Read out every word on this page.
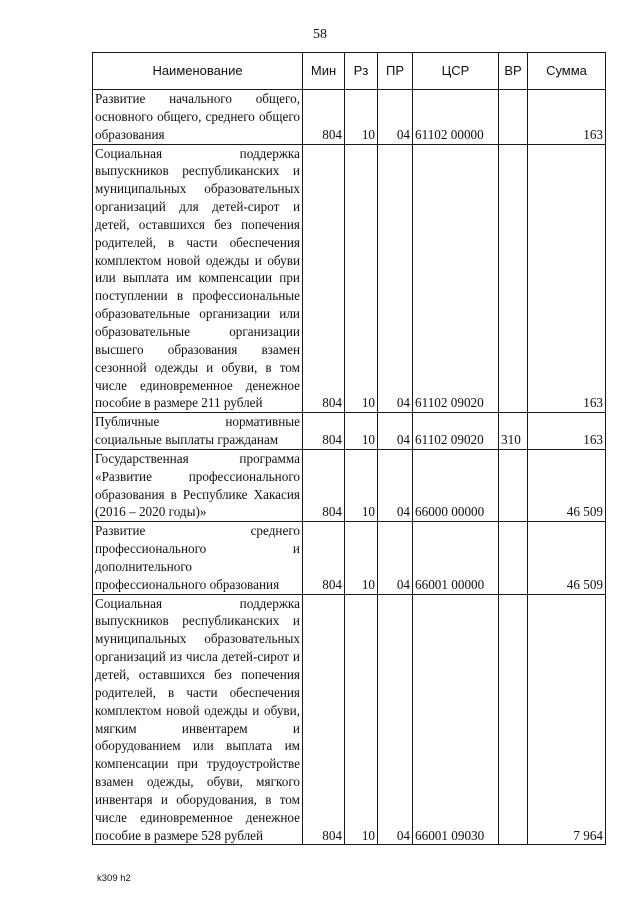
58
Наименование	Мин	Рз	ПР	ЦСР	ВР	Сумма
Развитие начального общего, основного общего, среднего общего образования	804	10	04	61102 00000		163
Социальная поддержка выпускников республиканских и муниципальных образовательных организаций для детей-сирот и детей, оставшихся без попечения родителей, в части обеспечения комплектом новой одежды и обуви или выплата им компенсации при поступлении в профессиональные образовательные организации или образовательные организации высшего образования взамен сезонной одежды и обуви, в том числе единовременное денежное пособие в размере 211 рублей	804	10	04	61102 09020		163
Публичные нормативные социальные выплаты гражданам	804	10	04	61102 09020	310	163
Государственная программа «Развитие профессионального образования в Республике Хакасия (2016 – 2020 годы)»	804	10	04	66000 00000		46 509
Развитие среднего профессионального и дополнительного профессионального образования	804	10	04	66001 00000		46 509
Социальная поддержка выпускников республиканских и муниципальных образовательных организаций из числа детей-сирот и детей, оставшихся без попечения родителей, в части обеспечения комплектом новой одежды и обуви, мягким инвентарем и оборудованием или выплата им компенсации при трудоустройстве взамен одежды, обуви, мягкого инвентаря и оборудования, в том числе единовременное денежное пособие в размере 528 рублей	804	10	04	66001 09030		7 964
k309 h2
